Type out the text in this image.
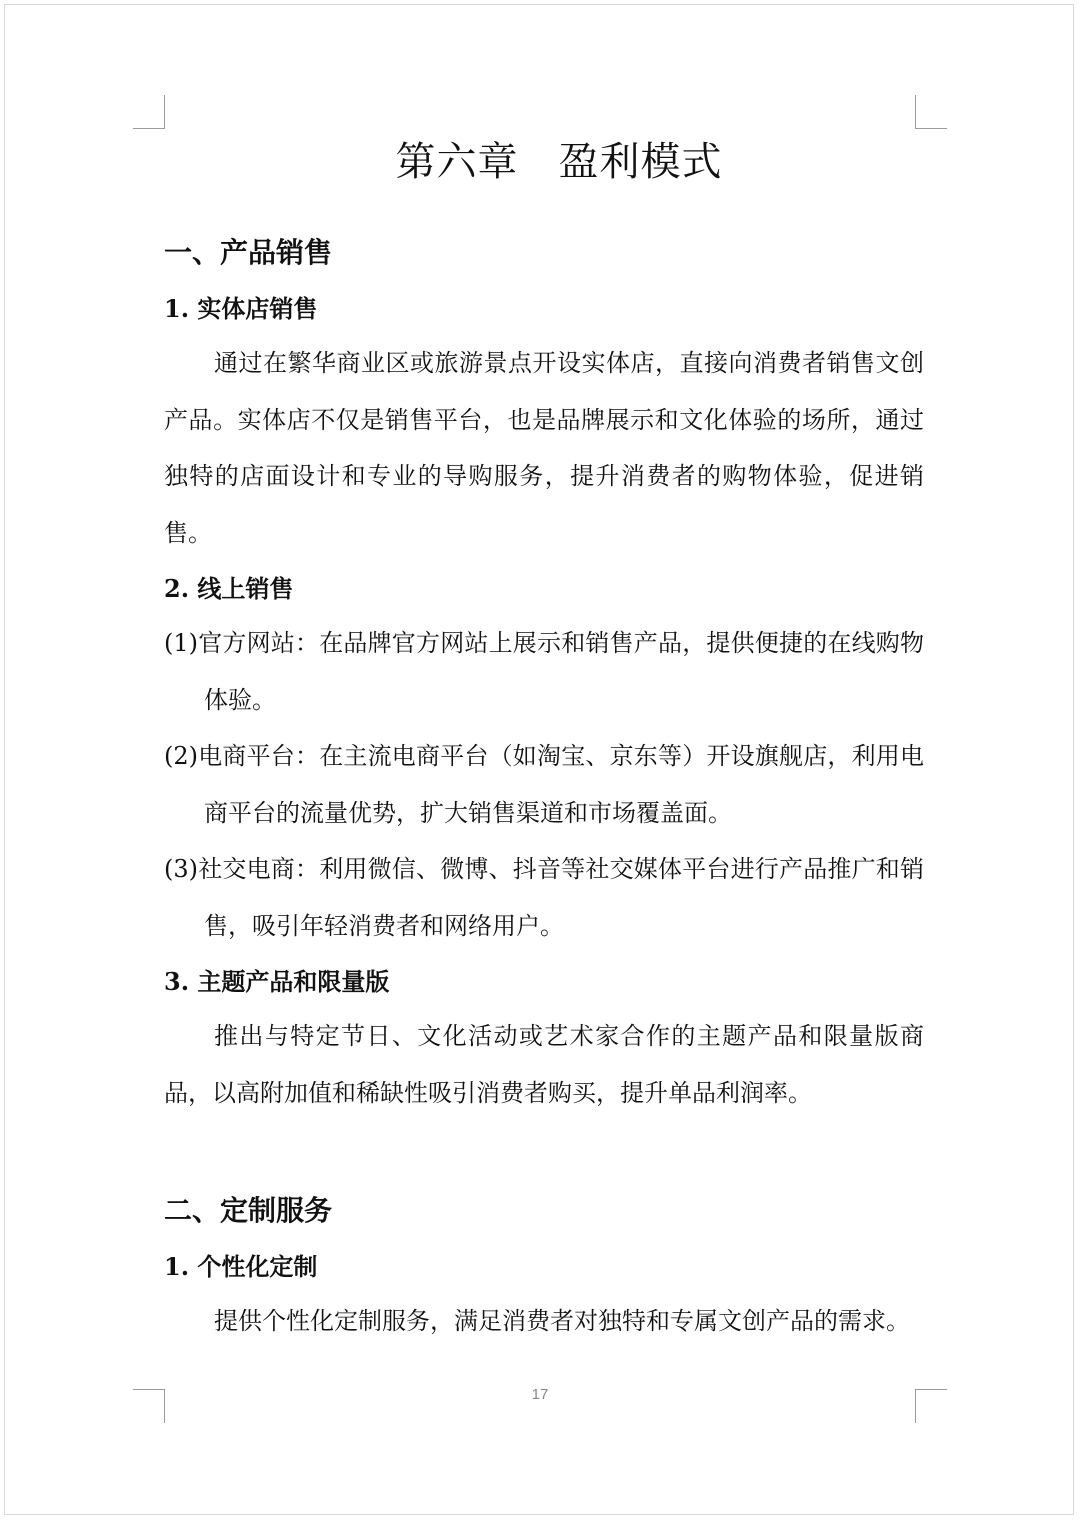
第六章 盈利模式
一、产品销售
1. 实体店销售

通过在繁华商业区或旅游景点开设实体店，直接向消费者销售文创产品。实体店不仅是销售平台，也是品牌展示和文化体验的场所，通过独特的店面设计和专业的导购服务，提升消费者的购物体验，促进销售。

2. 线上销售

(1)官方网站：在品牌官方网站上展示和销售产品，提供便捷的在线购物体验。

(2)电商平台：在主流电商平台（如淘宝、京东等）开设旗舰店，利用电商平台的流量优势，扩大销售渠道和市场覆盖面。

(3)社交电商：利用微信、微博、抖音等社交媒体平台进行产品推广和销售，吸引年轻消费者和网络用户。

3. 主题产品和限量版

推出与特定节日、文化活动或艺术家合作的主题产品和限量版商品，以高附加值和稀缺性吸引消费者购买，提升单品利润率。

二、定制服务
1. 个性化定制

提供个性化定制服务，满足消费者对独特和专属文创产品的需求。

17
